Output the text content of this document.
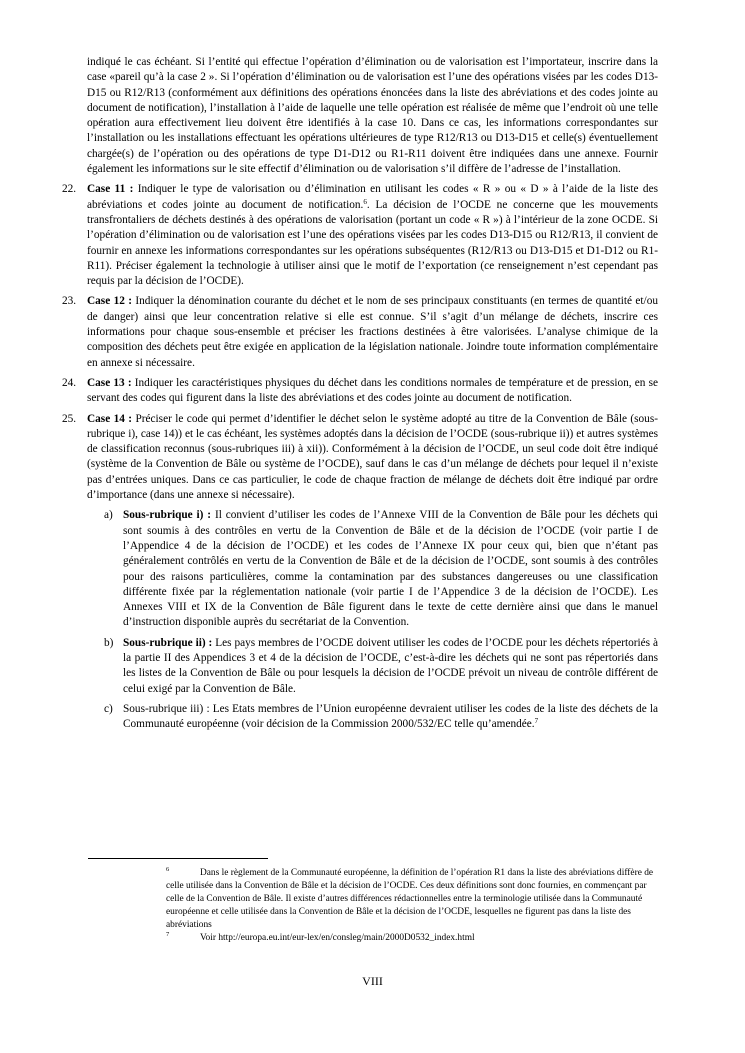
indiqué le cas échéant. Si l’entité qui effectue l’opération d’élimination ou de valorisation est l’importateur, inscrire dans la case «pareil qu’à la case 2 ». Si l’opération d’élimination ou de valorisation est l’une des opérations visées par les codes D13-D15 ou R12/R13 (conformément aux définitions des opérations énoncées dans la liste des abréviations et des codes jointe au document de notification), l’installation à l’aide de laquelle une telle opération est réalisée de même que l’endroit où une telle opération aura effectivement lieu doivent être identifiés à la case 10. Dans ce cas, les informations correspondantes sur l’installation ou les installations effectuant les opérations ultérieures de type R12/R13 ou D13-D15 et celle(s) éventuellement chargée(s) de l’opération ou des opérations de type D1-D12 ou R1-R11 doivent être indiquées dans une annexe. Fournir également les informations sur le site effectif d’élimination ou de valorisation s’il diffère de l’adresse de l’installation.

22. Case 11 : Indiquer le type de valorisation ou d’élimination en utilisant les codes « R » ou « D » à l’aide de la liste des abréviations et codes jointe au document de notification.$^6$. La décision de l’OCDE ne concerne que les mouvements transfrontaliers de déchets destinés à des opérations de valorisation (portant un code « R ») à l’intérieur de la zone OCDE. Si l’opération d’élimination ou de valorisation est l’une des opérations visées par les codes D13-D15 ou R12/R13, il convient de fournir en annexe les informations correspondantes sur les opérations subséquentes (R12/R13 ou D13-D15 et D1-D12 ou R1-R11). Préciser également la technologie à utiliser ainsi que le motif de l’exportation (ce renseignement n’est cependant pas requis par la décision de l’OCDE).
23. Case 12 : Indiquer la dénomination courante du déchet et le nom de ses principaux constituants (en termes de quantité et/ou de danger) ainsi que leur concentration relative si elle est connue. S’il s’agit d’un mélange de déchets, inscrire ces informations pour chaque sous-ensemble et préciser les fractions destinées à être valorisées. L’analyse chimique de la composition des déchets peut être exigée en application de la législation nationale. Joindre toute information complémentaire en annexe si nécessaire.
24. Case 13 : Indiquer les caractéristiques physiques du déchet dans les conditions normales de température et de pression, en se servant des codes qui figurent dans la liste des abréviations et des codes jointe au document de notification.
25. Case 14 : Préciser le code qui permet d’identifier le déchet selon le système adopté au titre de la Convention de Bâle (sous-rubrique i), case 14)) et le cas échéant, les systèmes adoptés dans la décision de l’OCDE (sous-rubrique ii)) et autres systèmes de classification reconnus (sous-rubriques iii) à xii)). Conformément à la décision de l’OCDE, un seul code doit être indiqué (système de la Convention de Bâle ou système de l’OCDE), sauf dans le cas d’un mélange de déchets pour lequel il n’existe pas d’entrées uniques. Dans ce cas particulier, le code de chaque fraction de mélange de déchets doit être indiqué par ordre d’importance (dans une annexe si nécessaire).
a) Sous-rubrique i) : Il convient d’utiliser les codes de l’Annexe VIII de la Convention de Bâle pour les déchets qui sont soumis à des contrôles en vertu de la Convention de Bâle et de la décision de l’OCDE (voir partie I de l’Appendice 4 de la décision de l’OCDE) et les codes de l’Annexe IX pour ceux qui, bien que n’étant pas généralement contrôlés en vertu de la Convention de Bâle et de la décision de l’OCDE, sont soumis à des contrôles pour des raisons particulières, comme la contamination par des substances dangereuses ou une classification différente fixée par la réglementation nationale (voir partie I de l’Appendice 3 de la décision de l’OCDE). Les Annexes VIII et IX de la Convention de Bâle figurent dans le texte de cette dernière ainsi que dans le manuel d’instruction disponible auprès du secrétariat de la Convention.
b) Sous-rubrique ii) : Les pays membres de l’OCDE doivent utiliser les codes de l’OCDE pour les déchets répertoriés à la partie II des Appendices 3 et 4 de la décision de l’OCDE, c’est-à-dire les déchets qui ne sont pas répertoriés dans les listes de la Convention de Bâle ou pour lesquels la décision de l’OCDE prévoit un niveau de contrôle différent de celui exigé par la Convention de Bâle.
c) Sous-rubrique iii) : Les Etats membres de l’Union européenne devraient utiliser les codes de la liste des déchets de la Communauté européenne (voir décision de la Commission 2000/532/EC telle qu’amendée.$^7$

6	Dans le règlement de la Communauté européenne, la définition de l’opération R1 dans la liste des abréviations diffère de celle utilisée dans la Convention de Bâle et la décision de l’OCDE. Ces deux définitions sont donc fournies, en commençant par celle de la Convention de Bâle. Il existe d’autres différences rédactionnelles entre la terminologie utilisée dans la Communauté européenne et celle utilisée dans la Convention de Bâle et la décision de l’OCDE, lesquelles ne figurent pas dans la liste des abréviations

7	Voir http://europa.eu.int/eur-lex/en/consleg/main/2000D0532_index.html

VIII
